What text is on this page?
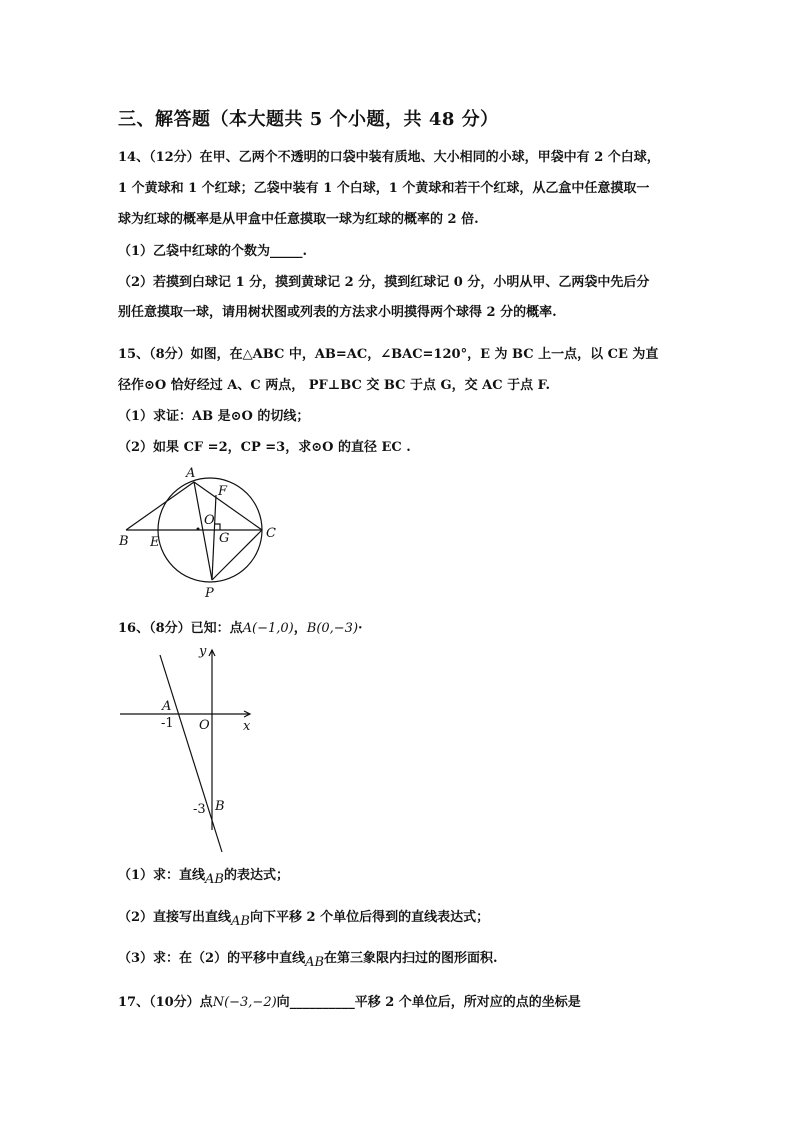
三、解答题（本大题共 5 个小题，共 48 分）
14、（12分）在甲、乙两个不透明的口袋中装有质地、大小相同的小球，甲袋中有 2 个白球，
1 个黄球和 1 个红球；乙袋中装有 1 个白球，1 个黄球和若干个红球，从乙盒中任意摸取一
球为红球的概率是从甲盒中任意摸取一球为红球的概率的 2 倍.
（1）乙袋中红球的个数为_____.
（2）若摸到白球记 1 分，摸到黄球记 2 分，摸到红球记 0 分，小明从甲、乙两袋中先后分
别任意摸取一球，请用树状图或列表的方法求小明摸得两个球得 2 分的概率.
15、（8分）如图，在△ABC 中，AB=AC，∠BAC=120°，E 为 BC 上一点，以 CE 为直
径作⊙O 恰好经过 A、C 两点， PF⊥BC 交 BC 于点 G，交 AC 于点 F.
（1）求证：AB 是⊙O 的切线；
（2）如果 CF =2，CP =3，求⊙O 的直径 EC .
A
F
O
G	C
B E
P
16、（8分）已知：点A(−1,0)，B(0,−3)·
y
x
A
-1 O
B
-3
（1）求：直线AB的表达式；
（2）直接写出直线AB向下平移 2 个单位后得到的直线表达式；
（3）求：在（2）的平移中直线AB在第三象限内扫过的图形面积.
17、（10分）点N(−3,−2)向__________平移 2 个单位后，所对应的点的坐标是
